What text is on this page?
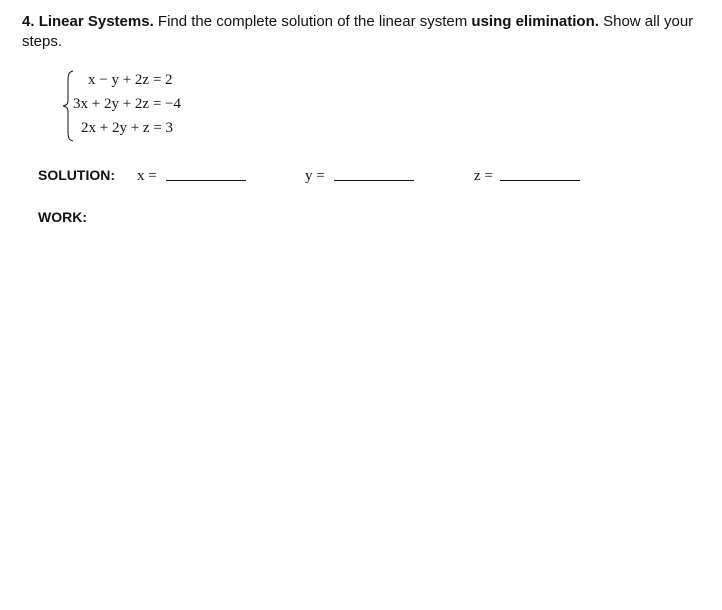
4. Linear Systems. Find the complete solution of the linear system using elimination. Show all your steps.
x − y + 2z = 2
3x + 2y + 2z = −4
2x + 2y + z = 3
SOLUTION: x =	y =	z =
WORK:
